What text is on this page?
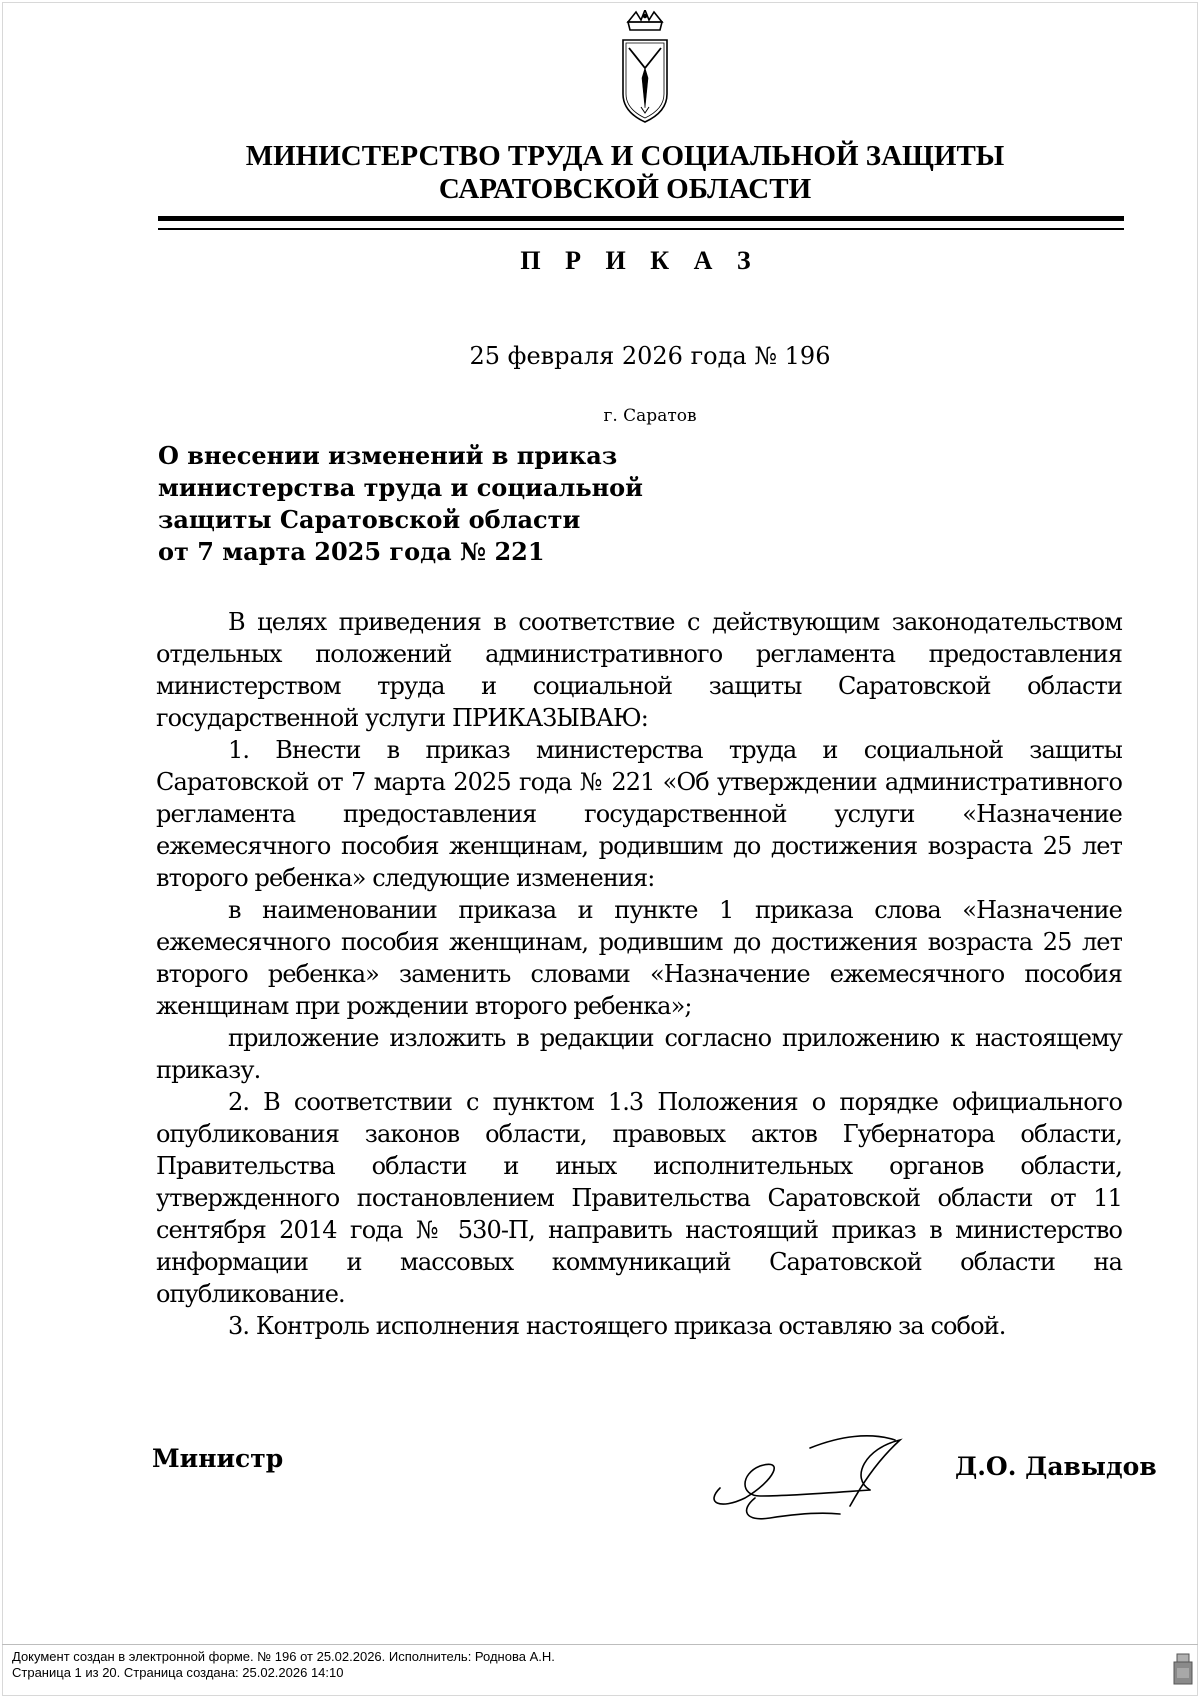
МИНИСТЕРСТВО ТРУДА И СОЦИАЛЬНОЙ ЗАЩИТЫ
САРАТОВСКОЙ ОБЛАСТИ
П Р И К А З
25 февраля 2026 года № 196
г. Саратов
О внесении изменений в приказ
министерства труда и социальной
защиты Саратовской области
от 7 марта 2025 года № 221

В целях приведения в соответствие с действующим законодательством отдельных положений административного регламента предоставления министерством труда и социальной защиты Саратовской области государственной услуги ПРИКАЗЫВАЮ:

1. Внести в приказ министерства труда и социальной защиты Саратовской от 7 марта 2025 года № 221 «Об утверждении административного регламента предоставления государственной услуги «Назначение ежемесячного пособия женщинам, родившим до достижения возраста 25 лет второго ребенка» следующие изменения:

в наименовании приказа и пункте 1 приказа слова «Назначение ежемесячного пособия женщинам, родившим до достижения возраста 25 лет второго ребенка» заменить словами «Назначение ежемесячного пособия женщинам при рождении второго ребенка»;

приложение изложить в редакции согласно приложению к настоящему приказу.

2. В соответствии с пунктом 1.3 Положения о порядке официального опубликования законов области, правовых актов Губернатора области, Правительства области и иных исполнительных органов области, утвержденного постановлением Правительства Саратовской области от 11 сентября 2014 года № 530-П, направить настоящий приказ в министерство информации и массовых коммуникаций Саратовской области на опубликование.

3. Контроль исполнения настоящего приказа оставляю за собой.

Министр	Д.О. Давыдов
Документ создан в электронной форме. № 196 от 25.02.2026. Исполнитель: Роднова А.Н.
Страница 1 из 20. Страница создана: 25.02.2026 14:10
